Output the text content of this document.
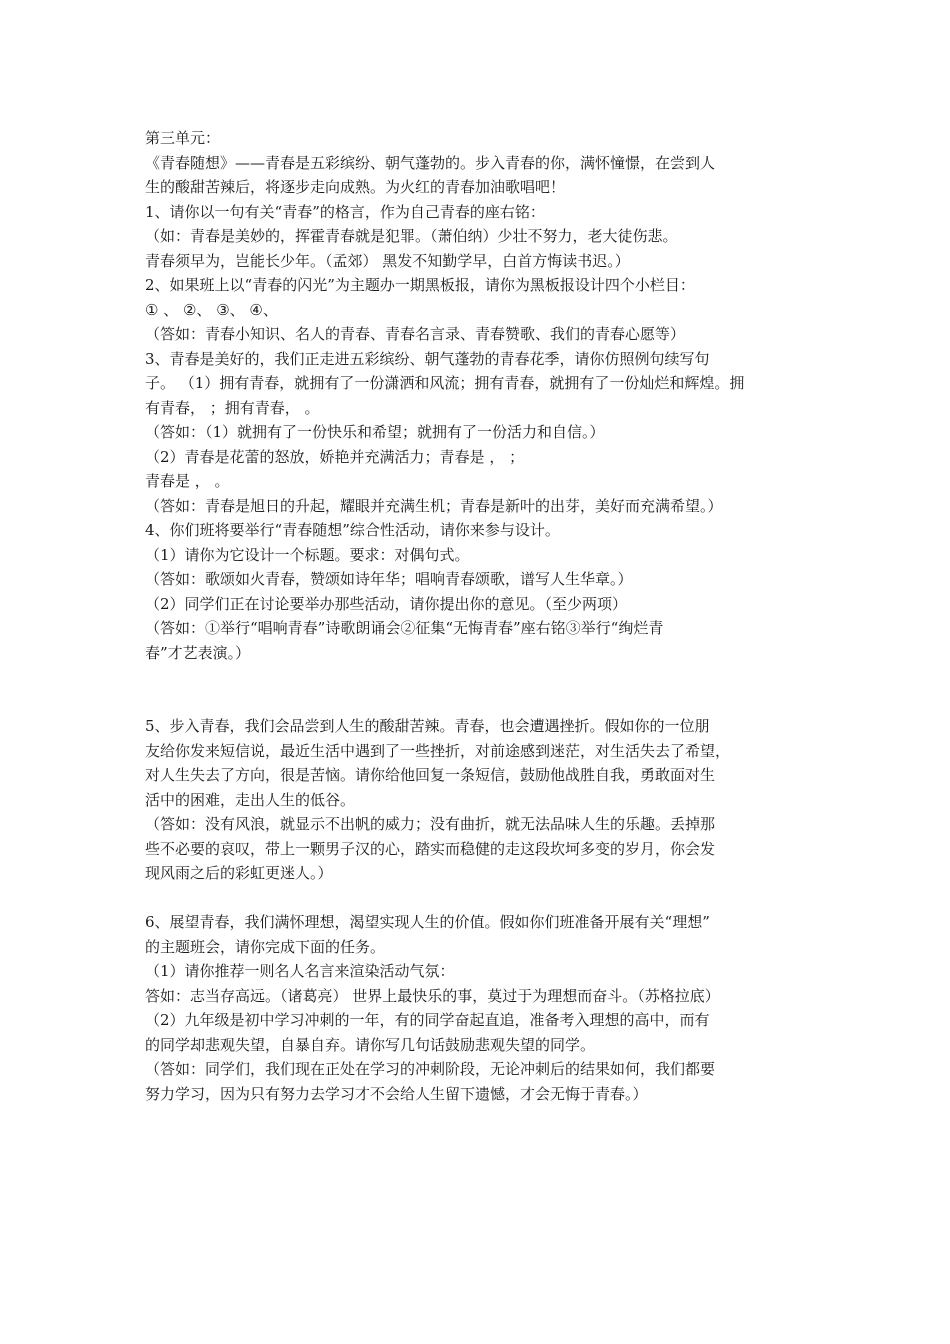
第三单元：
《青春随想》——青春是五彩缤纷、朝气蓬勃的。步入青春的你，满怀憧憬，在尝到人
生的酸甜苦辣后，将逐步走向成熟。为火红的青春加油歌唱吧！
1、请你以一句有关“青春”的格言，作为自己青春的座右铭：
（如：青春是美妙的，挥霍青春就是犯罪。（萧伯纳）少壮不努力，老大徒伤悲。
青春须早为，岂能长少年。（孟郊） 黑发不知勤学早，白首方悔读书迟。）
2、如果班上以“青春的闪光”为主题办一期黑板报，请你为黑板报设计四个小栏目：
① 、 ②、 ③、 ④、
（答如：青春小知识、名人的青春、青春名言录、青春赞歌、我们的青春心愿等）
3、青春是美好的，我们正走进五彩缤纷、朝气蓬勃的青春花季，请你仿照例句续写句
子。 （1）拥有青春，就拥有了一份潇洒和风流；拥有青春，就拥有了一份灿烂和辉煌。拥
有青春， ；拥有青春， 。
（答如：（1）就拥有了一份快乐和希望；就拥有了一份活力和自信。）
（2）青春是花蕾的怒放，娇艳并充满活力；青春是 ， ；
青春是 ， 。
（答如：青春是旭日的升起，耀眼并充满生机；青春是新叶的出芽，美好而充满希望。）
4、你们班将要举行“青春随想”综合性活动，请你来参与设计。
（1）请你为它设计一个标题。要求：对偶句式。
（答如：歌颂如火青春，赞颂如诗年华；唱响青春颂歌，谱写人生华章。）
（2）同学们正在讨论要举办那些活动，请你提出你的意见。（至少两项）
（答如：①举行“唱响青春”诗歌朗诵会②征集“无悔青春”座右铭③举行“绚烂青
春”才艺表演。）
5、步入青春，我们会品尝到人生的酸甜苦辣。青春，也会遭遇挫折。假如你的一位朋
友给你发来短信说，最近生活中遇到了一些挫折，对前途感到迷茫，对生活失去了希望，
对人生失去了方向，很是苦恼。请你给他回复一条短信，鼓励他战胜自我，勇敢面对生
活中的困难，走出人生的低谷。
（答如：没有风浪，就显示不出帆的威力；没有曲折，就无法品味人生的乐趣。丢掉那
些不必要的哀叹，带上一颗男子汉的心，踏实而稳健的走这段坎坷多变的岁月，你会发
现风雨之后的彩虹更迷人。）
6、展望青春，我们满怀理想，渴望实现人生的价值。假如你们班准备开展有关“理想”
的主题班会，请你完成下面的任务。
（1）请你推荐一则名人名言来渲染活动气氛：
答如：志当存高远。（诸葛亮） 世界上最快乐的事，莫过于为理想而奋斗。（苏格拉底）
（2）九年级是初中学习冲刺的一年，有的同学奋起直追，准备考入理想的高中，而有
的同学却悲观失望，自暴自弃。请你写几句话鼓励悲观失望的同学。
（答如：同学们，我们现在正处在学习的冲刺阶段，无论冲刺后的结果如何，我们都要
努力学习，因为只有努力去学习才不会给人生留下遗憾，才会无悔于青春。）
